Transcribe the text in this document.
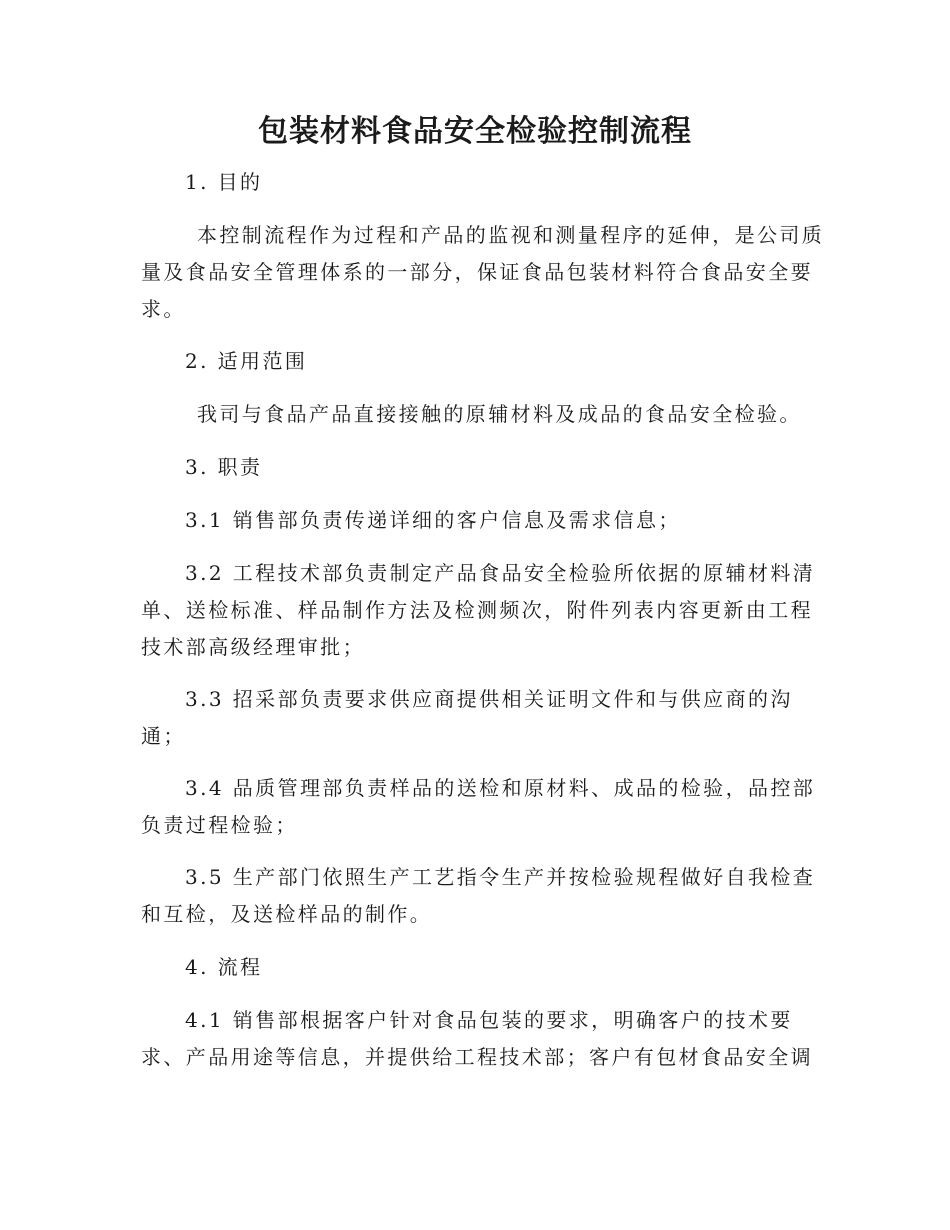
包装材料食品安全检验控制流程

1. 目的

本控制流程作为过程和产品的监视和测量程序的延伸，是公司质
量及食品安全管理体系的一部分，保证食品包装材料符合食品安全要
求。

2. 适用范围

我司与食品产品直接接触的原辅材料及成品的食品安全检验。

3. 职责

3.1 销售部负责传递详细的客户信息及需求信息；

3.2 工程技术部负责制定产品食品安全检验所依据的原辅材料清
单、送检标准、样品制作方法及检测频次，附件列表内容更新由工程
技术部高级经理审批；

3.3 招采部负责要求供应商提供相关证明文件和与供应商的沟
通；

3.4 品质管理部负责样品的送检和原材料、成品的检验，品控部
负责过程检验；

3.5 生产部门依照生产工艺指令生产并按检验规程做好自我检查
和互检，及送检样品的制作。

4. 流程

4.1 销售部根据客户针对食品包装的要求，明确客户的技术要
求、产品用途等信息，并提供给工程技术部；客户有包材食品安全调
